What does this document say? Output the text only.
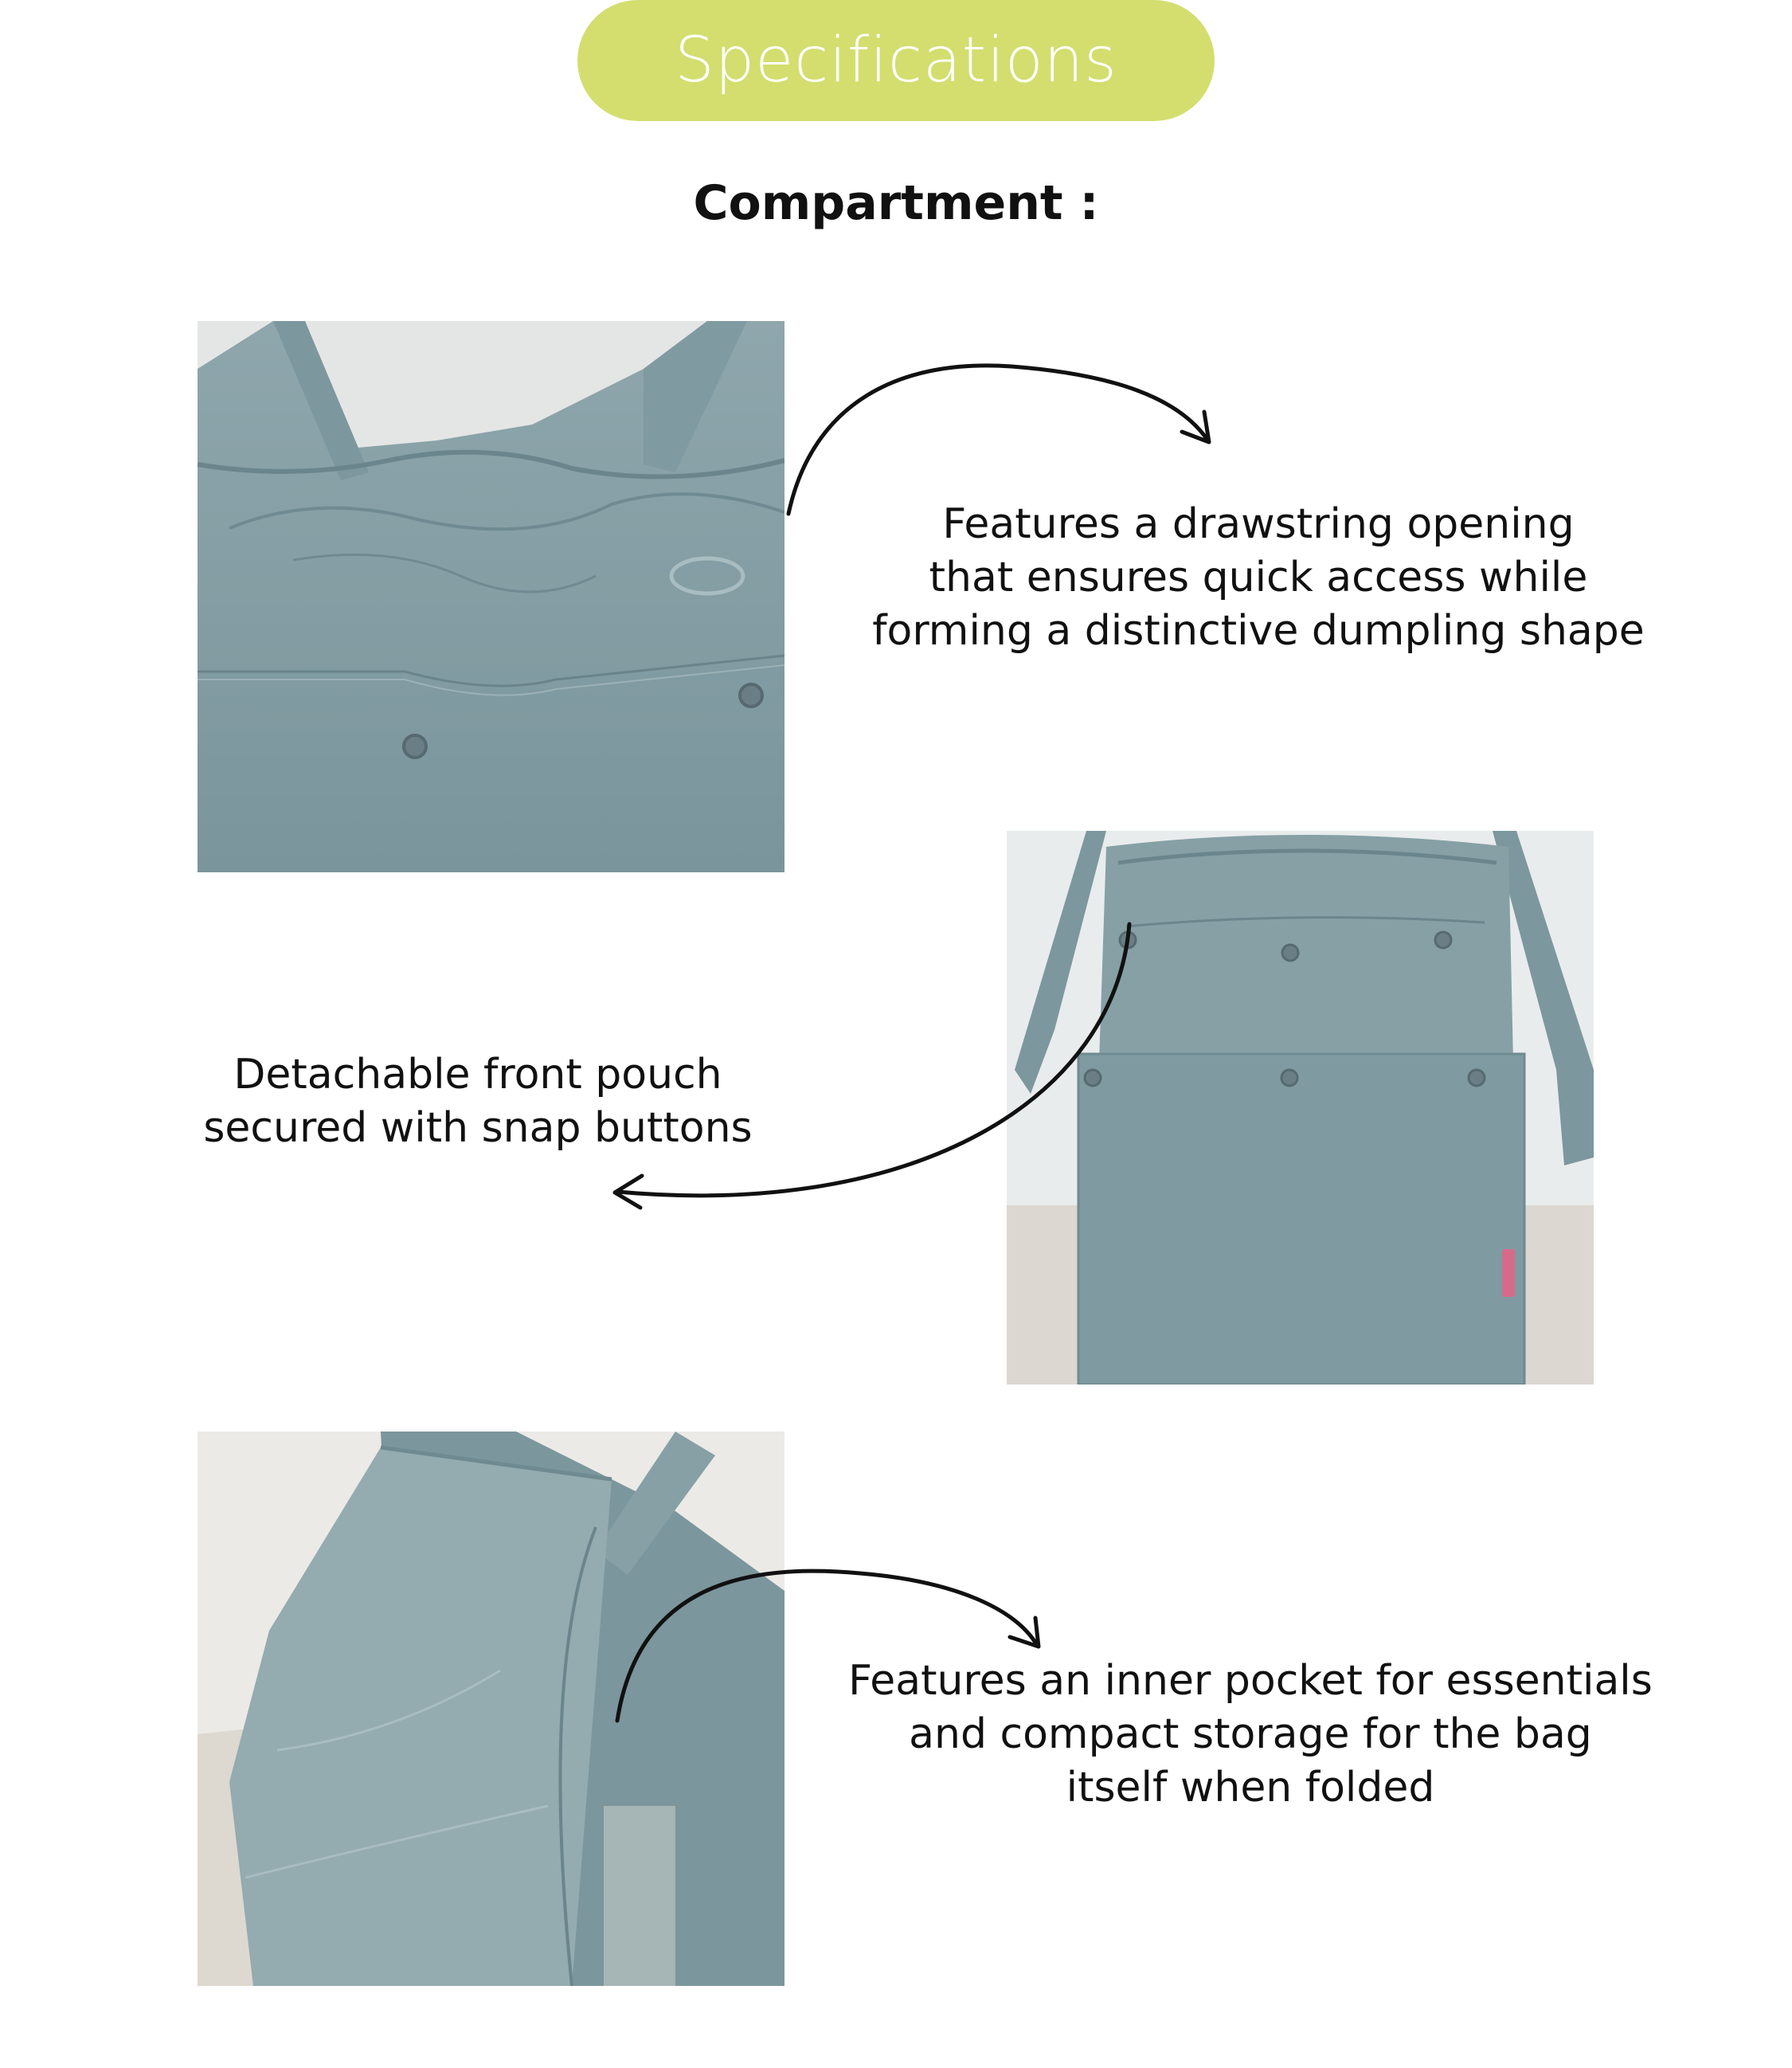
Specifications
Compartment :
Features a drawstring opening
that ensures quick access while
forming a distinctive dumpling shape
Detachable front pouch
secured with snap buttons
Features an inner pocket for essentials
and compact storage for the bag
itself when folded
